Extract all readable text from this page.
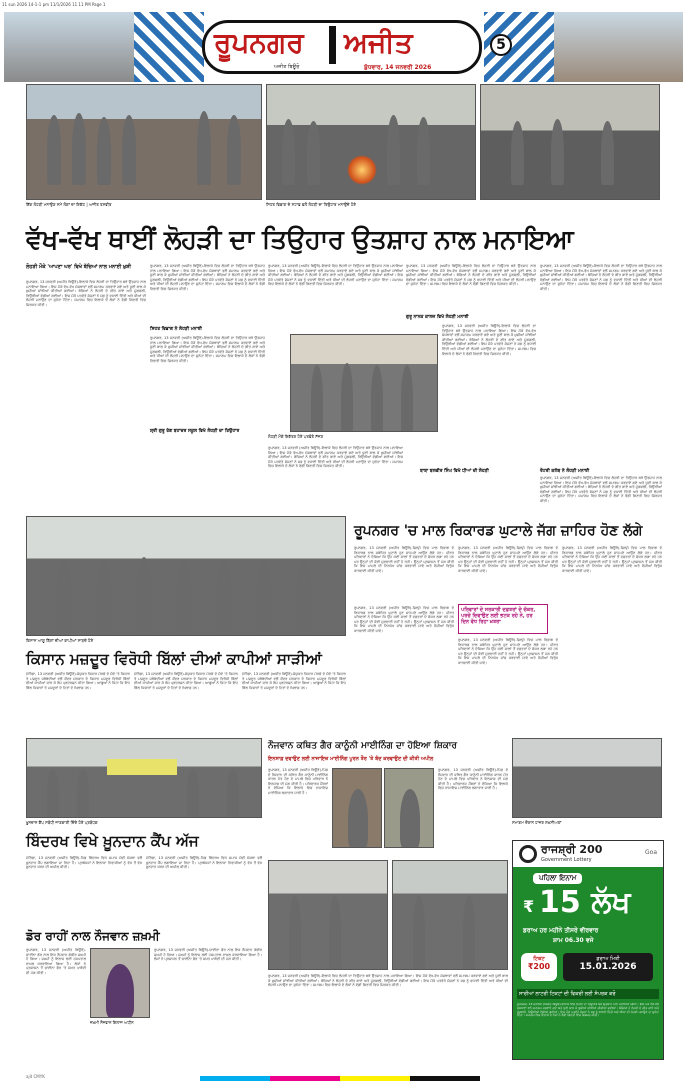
11 sun 2026 14-1-1 pm 11/1/2026 11 11 PM Page 1
ਰੂਪਨਗਰ ਅਜੀਤ
ਅਜੀਤ ਬਿਊਰੋ	ਬੁੱਧਵਾਰ, 14 ਜਨਵਰੀ 2026
5
ਇੱਕ ਲੋਹੜੀ ਮਨਾਉਣ ਸਮੇਂ ਲੋਕਾਂ ਦਾ ਇਕੱਠ | ਅਜੀਤ ਤਸਵੀਰ	ਸਿਹਤ ਵਿਭਾਗ ਦੇ ਸਟਾਫ਼ ਵਲੋਂ ਲੋਹੜੀ ਦਾ ਤਿਉਹਾਰ ਮਨਾਉਂਦੇ ਹੋਏ
ਵੱਖ-ਵੱਖ ਥਾਈਂ ਲੋਹੜੀ ਦਾ ਤਿਉਹਾਰ ਉਤਸ਼ਾਹ ਨਾਲ ਮਨਾਇਆ
ਲੋਹੜੀ ਮੌਕੇ 'ਆਪਣਾ ਘਰ' ਵਿਖੇ ਬੱਚਿਆਂ ਨਾਲ ਮਨਾਈ ਖ਼ੁਸ਼ੀ
ਰੂਪਨਗਰ, 13 ਜਨਵਰੀ (ਅਜੀਤ ਬਿਊਰੋ)-ਇਲਾਕੇ ਵਿਚ ਲੋਹੜੀ ਦਾ ਤਿਉਹਾਰ ਬੜੇ ਉਤਸ਼ਾਹ ਨਾਲ ਮਨਾਇਆ ਗਿਆ। ਇਸ ਮੌਕੇ ਵੱਖ-ਵੱਖ ਸੰਸਥਾਵਾਂ ਵਲੋਂ ਸਮਾਗਮ ਕਰਵਾਏ ਗਏ ਅਤੇ ਧੂਣੀ ਬਾਲ ਕੇ ਖ਼ੁਸ਼ੀਆਂ ਸਾਂਝੀਆਂ ਕੀਤੀਆਂ ਗਈਆਂ। ਬੱਚਿਆਂ ਨੇ ਲੋਹੜੀ ਦੇ ਗੀਤ ਗਾਏ ਅਤੇ ਮੂੰਗਫਲੀ, ਰਿਉੜੀਆਂ ਵੰਡੀਆਂ ਗਈਆਂ। ਇਸ ਮੌਕੇ ਪਤਵੰਤੇ ਸੱਜਣਾਂ ਨੇ ਸਭ ਨੂੰ ਵਧਾਈ ਦਿੱਤੀ ਅਤੇ ਧੀਆਂ ਦੀ ਲੋਹੜੀ ਮਨਾਉਣ ਦਾ ਸੁਨੇਹਾ ਦਿੱਤਾ। ਸਮਾਗਮ ਵਿਚ ਇਲਾਕੇ ਦੇ ਲੋਕਾਂ ਨੇ ਵੱਡੀ ਗਿਣਤੀ ਵਿਚ ਸ਼ਿਰਕਤ ਕੀਤੀ।
ਰੂਪਨਗਰ, 13 ਜਨਵਰੀ (ਅਜੀਤ ਬਿਊਰੋ)-ਇਲਾਕੇ ਵਿਚ ਲੋਹੜੀ ਦਾ ਤਿਉਹਾਰ ਬੜੇ ਉਤਸ਼ਾਹ ਨਾਲ ਮਨਾਇਆ ਗਿਆ। ਇਸ ਮੌਕੇ ਵੱਖ-ਵੱਖ ਸੰਸਥਾਵਾਂ ਵਲੋਂ ਸਮਾਗਮ ਕਰਵਾਏ ਗਏ ਅਤੇ ਧੂਣੀ ਬਾਲ ਕੇ ਖ਼ੁਸ਼ੀਆਂ ਸਾਂਝੀਆਂ ਕੀਤੀਆਂ ਗਈਆਂ। ਬੱਚਿਆਂ ਨੇ ਲੋਹੜੀ ਦੇ ਗੀਤ ਗਾਏ ਅਤੇ ਮੂੰਗਫਲੀ, ਰਿਉੜੀਆਂ ਵੰਡੀਆਂ ਗਈਆਂ। ਇਸ ਮੌਕੇ ਪਤਵੰਤੇ ਸੱਜਣਾਂ ਨੇ ਸਭ ਨੂੰ ਵਧਾਈ ਦਿੱਤੀ ਅਤੇ ਧੀਆਂ ਦੀ ਲੋਹੜੀ ਮਨਾਉਣ ਦਾ ਸੁਨੇਹਾ ਦਿੱਤਾ। ਸਮਾਗਮ ਵਿਚ ਇਲਾਕੇ ਦੇ ਲੋਕਾਂ ਨੇ ਵੱਡੀ ਗਿਣਤੀ ਵਿਚ ਸ਼ਿਰਕਤ ਕੀਤੀ।
ਸਿਹਤ ਵਿਭਾਗ ਨੇ ਲੋਹੜੀ ਮਨਾਈ
ਰੂਪਨਗਰ, 13 ਜਨਵਰੀ (ਅਜੀਤ ਬਿਊਰੋ)-ਇਲਾਕੇ ਵਿਚ ਲੋਹੜੀ ਦਾ ਤਿਉਹਾਰ ਬੜੇ ਉਤਸ਼ਾਹ ਨਾਲ ਮਨਾਇਆ ਗਿਆ। ਇਸ ਮੌਕੇ ਵੱਖ-ਵੱਖ ਸੰਸਥਾਵਾਂ ਵਲੋਂ ਸਮਾਗਮ ਕਰਵਾਏ ਗਏ ਅਤੇ ਧੂਣੀ ਬਾਲ ਕੇ ਖ਼ੁਸ਼ੀਆਂ ਸਾਂਝੀਆਂ ਕੀਤੀਆਂ ਗਈਆਂ। ਬੱਚਿਆਂ ਨੇ ਲੋਹੜੀ ਦੇ ਗੀਤ ਗਾਏ ਅਤੇ ਮੂੰਗਫਲੀ, ਰਿਉੜੀਆਂ ਵੰਡੀਆਂ ਗਈਆਂ। ਇਸ ਮੌਕੇ ਪਤਵੰਤੇ ਸੱਜਣਾਂ ਨੇ ਸਭ ਨੂੰ ਵਧਾਈ ਦਿੱਤੀ ਅਤੇ ਧੀਆਂ ਦੀ ਲੋਹੜੀ ਮਨਾਉਣ ਦਾ ਸੁਨੇਹਾ ਦਿੱਤਾ। ਸਮਾਗਮ ਵਿਚ ਇਲਾਕੇ ਦੇ ਲੋਕਾਂ ਨੇ ਵੱਡੀ ਗਿਣਤੀ ਵਿਚ ਸ਼ਿਰਕਤ ਕੀਤੀ।
ਸ਼੍ਰੀ ਗੁਰੂ ਤੇਗ ਬਹਾਦਰ ਸਕੂਲ ਵਿਖੇ ਲੋਹੜੀ ਦਾ ਤਿਉਹਾਰ
ਰੂਪਨਗਰ, 13 ਜਨਵਰੀ (ਅਜੀਤ ਬਿਊਰੋ)-ਇਲਾਕੇ ਵਿਚ ਲੋਹੜੀ ਦਾ ਤਿਉਹਾਰ ਬੜੇ ਉਤਸ਼ਾਹ ਨਾਲ ਮਨਾਇਆ ਗਿਆ। ਇਸ ਮੌਕੇ ਵੱਖ-ਵੱਖ ਸੰਸਥਾਵਾਂ ਵਲੋਂ ਸਮਾਗਮ ਕਰਵਾਏ ਗਏ ਅਤੇ ਧੂਣੀ ਬਾਲ ਕੇ ਖ਼ੁਸ਼ੀਆਂ ਸਾਂਝੀਆਂ ਕੀਤੀਆਂ ਗਈਆਂ। ਬੱਚਿਆਂ ਨੇ ਲੋਹੜੀ ਦੇ ਗੀਤ ਗਾਏ ਅਤੇ ਮੂੰਗਫਲੀ, ਰਿਉੜੀਆਂ ਵੰਡੀਆਂ ਗਈਆਂ। ਇਸ ਮੌਕੇ ਪਤਵੰਤੇ ਸੱਜਣਾਂ ਨੇ ਸਭ ਨੂੰ ਵਧਾਈ ਦਿੱਤੀ ਅਤੇ ਧੀਆਂ ਦੀ ਲੋਹੜੀ ਮਨਾਉਣ ਦਾ ਸੁਨੇਹਾ ਦਿੱਤਾ। ਸਮਾਗਮ ਵਿਚ ਇਲਾਕੇ ਦੇ ਲੋਕਾਂ ਨੇ ਵੱਡੀ ਗਿਣਤੀ ਵਿਚ ਸ਼ਿਰਕਤ ਕੀਤੀ।
ਲੋਹੜੀ ਮੌਕੇ ਇਕੱਤਰ ਹੋਏ ਪਤਵੰਤੇ ਸੱਜਣ
ਰੂਪਨਗਰ, 13 ਜਨਵਰੀ (ਅਜੀਤ ਬਿਊਰੋ)-ਇਲਾਕੇ ਵਿਚ ਲੋਹੜੀ ਦਾ ਤਿਉਹਾਰ ਬੜੇ ਉਤਸ਼ਾਹ ਨਾਲ ਮਨਾਇਆ ਗਿਆ। ਇਸ ਮੌਕੇ ਵੱਖ-ਵੱਖ ਸੰਸਥਾਵਾਂ ਵਲੋਂ ਸਮਾਗਮ ਕਰਵਾਏ ਗਏ ਅਤੇ ਧੂਣੀ ਬਾਲ ਕੇ ਖ਼ੁਸ਼ੀਆਂ ਸਾਂਝੀਆਂ ਕੀਤੀਆਂ ਗਈਆਂ। ਬੱਚਿਆਂ ਨੇ ਲੋਹੜੀ ਦੇ ਗੀਤ ਗਾਏ ਅਤੇ ਮੂੰਗਫਲੀ, ਰਿਉੜੀਆਂ ਵੰਡੀਆਂ ਗਈਆਂ। ਇਸ ਮੌਕੇ ਪਤਵੰਤੇ ਸੱਜਣਾਂ ਨੇ ਸਭ ਨੂੰ ਵਧਾਈ ਦਿੱਤੀ ਅਤੇ ਧੀਆਂ ਦੀ ਲੋਹੜੀ ਮਨਾਉਣ ਦਾ ਸੁਨੇਹਾ ਦਿੱਤਾ। ਸਮਾਗਮ ਵਿਚ ਇਲਾਕੇ ਦੇ ਲੋਕਾਂ ਨੇ ਵੱਡੀ ਗਿਣਤੀ ਵਿਚ ਸ਼ਿਰਕਤ ਕੀਤੀ।
ਗੁਰੂ ਨਾਨਕ ਕਾਲਜ ਵਿਖੇ ਲੋਹੜੀ ਮਨਾਈ
ਰੂਪਨਗਰ, 13 ਜਨਵਰੀ (ਅਜੀਤ ਬਿਊਰੋ)-ਇਲਾਕੇ ਵਿਚ ਲੋਹੜੀ ਦਾ ਤਿਉਹਾਰ ਬੜੇ ਉਤਸ਼ਾਹ ਨਾਲ ਮਨਾਇਆ ਗਿਆ। ਇਸ ਮੌਕੇ ਵੱਖ-ਵੱਖ ਸੰਸਥਾਵਾਂ ਵਲੋਂ ਸਮਾਗਮ ਕਰਵਾਏ ਗਏ ਅਤੇ ਧੂਣੀ ਬਾਲ ਕੇ ਖ਼ੁਸ਼ੀਆਂ ਸਾਂਝੀਆਂ ਕੀਤੀਆਂ ਗਈਆਂ। ਬੱਚਿਆਂ ਨੇ ਲੋਹੜੀ ਦੇ ਗੀਤ ਗਾਏ ਅਤੇ ਮੂੰਗਫਲੀ, ਰਿਉੜੀਆਂ ਵੰਡੀਆਂ ਗਈਆਂ। ਇਸ ਮੌਕੇ ਪਤਵੰਤੇ ਸੱਜਣਾਂ ਨੇ ਸਭ ਨੂੰ ਵਧਾਈ ਦਿੱਤੀ ਅਤੇ ਧੀਆਂ ਦੀ ਲੋਹੜੀ ਮਨਾਉਣ ਦਾ ਸੁਨੇਹਾ ਦਿੱਤਾ। ਸਮਾਗਮ ਵਿਚ ਇਲਾਕੇ ਦੇ ਲੋਕਾਂ ਨੇ ਵੱਡੀ ਗਿਣਤੀ ਵਿਚ ਸ਼ਿਰਕਤ ਕੀਤੀ।
ਰੂਪਨਗਰ, 13 ਜਨਵਰੀ (ਅਜੀਤ ਬਿਊਰੋ)-ਇਲਾਕੇ ਵਿਚ ਲੋਹੜੀ ਦਾ ਤਿਉਹਾਰ ਬੜੇ ਉਤਸ਼ਾਹ ਨਾਲ ਮਨਾਇਆ ਗਿਆ। ਇਸ ਮੌਕੇ ਵੱਖ-ਵੱਖ ਸੰਸਥਾਵਾਂ ਵਲੋਂ ਸਮਾਗਮ ਕਰਵਾਏ ਗਏ ਅਤੇ ਧੂਣੀ ਬਾਲ ਕੇ ਖ਼ੁਸ਼ੀਆਂ ਸਾਂਝੀਆਂ ਕੀਤੀਆਂ ਗਈਆਂ। ਬੱਚਿਆਂ ਨੇ ਲੋਹੜੀ ਦੇ ਗੀਤ ਗਾਏ ਅਤੇ ਮੂੰਗਫਲੀ, ਰਿਉੜੀਆਂ ਵੰਡੀਆਂ ਗਈਆਂ। ਇਸ ਮੌਕੇ ਪਤਵੰਤੇ ਸੱਜਣਾਂ ਨੇ ਸਭ ਨੂੰ ਵਧਾਈ ਦਿੱਤੀ ਅਤੇ ਧੀਆਂ ਦੀ ਲੋਹੜੀ ਮਨਾਉਣ ਦਾ ਸੁਨੇਹਾ ਦਿੱਤਾ। ਸਮਾਗਮ ਵਿਚ ਇਲਾਕੇ ਦੇ ਲੋਕਾਂ ਨੇ ਵੱਡੀ ਗਿਣਤੀ ਵਿਚ ਸ਼ਿਰਕਤ ਕੀਤੀ।
ਬਾਬਾ ਬਲਵੀਰ ਸਿੰਘ ਵਿਖੇ ਧੀਆਂ ਦੀ ਲੋਹੜੀ
ਰੂਪਨਗਰ, 13 ਜਨਵਰੀ (ਅਜੀਤ ਬਿਊਰੋ)-ਇਲਾਕੇ ਵਿਚ ਲੋਹੜੀ ਦਾ ਤਿਉਹਾਰ ਬੜੇ ਉਤਸ਼ਾਹ ਨਾਲ ਮਨਾਇਆ ਗਿਆ। ਇਸ ਮੌਕੇ ਵੱਖ-ਵੱਖ ਸੰਸਥਾਵਾਂ ਵਲੋਂ ਸਮਾਗਮ ਕਰਵਾਏ ਗਏ ਅਤੇ ਧੂਣੀ ਬਾਲ ਕੇ ਖ਼ੁਸ਼ੀਆਂ ਸਾਂਝੀਆਂ ਕੀਤੀਆਂ ਗਈਆਂ। ਬੱਚਿਆਂ ਨੇ ਲੋਹੜੀ ਦੇ ਗੀਤ ਗਾਏ ਅਤੇ ਮੂੰਗਫਲੀ, ਰਿਉੜੀਆਂ ਵੰਡੀਆਂ ਗਈਆਂ। ਇਸ ਮੌਕੇ ਪਤਵੰਤੇ ਸੱਜਣਾਂ ਨੇ ਸਭ ਨੂੰ ਵਧਾਈ ਦਿੱਤੀ ਅਤੇ ਧੀਆਂ ਦੀ ਲੋਹੜੀ ਮਨਾਉਣ ਦਾ ਸੁਨੇਹਾ ਦਿੱਤਾ। ਸਮਾਗਮ ਵਿਚ ਇਲਾਕੇ ਦੇ ਲੋਕਾਂ ਨੇ ਵੱਡੀ ਗਿਣਤੀ ਵਿਚ ਸ਼ਿਰਕਤ ਕੀਤੀ।
ਰੋਟਰੀ ਕਲੱਬ ਨੇ ਲੋਹੜੀ ਮਨਾਈ
ਰੂਪਨਗਰ, 13 ਜਨਵਰੀ (ਅਜੀਤ ਬਿਊਰੋ)-ਇਲਾਕੇ ਵਿਚ ਲੋਹੜੀ ਦਾ ਤਿਉਹਾਰ ਬੜੇ ਉਤਸ਼ਾਹ ਨਾਲ ਮਨਾਇਆ ਗਿਆ। ਇਸ ਮੌਕੇ ਵੱਖ-ਵੱਖ ਸੰਸਥਾਵਾਂ ਵਲੋਂ ਸਮਾਗਮ ਕਰਵਾਏ ਗਏ ਅਤੇ ਧੂਣੀ ਬਾਲ ਕੇ ਖ਼ੁਸ਼ੀਆਂ ਸਾਂਝੀਆਂ ਕੀਤੀਆਂ ਗਈਆਂ। ਬੱਚਿਆਂ ਨੇ ਲੋਹੜੀ ਦੇ ਗੀਤ ਗਾਏ ਅਤੇ ਮੂੰਗਫਲੀ, ਰਿਉੜੀਆਂ ਵੰਡੀਆਂ ਗਈਆਂ। ਇਸ ਮੌਕੇ ਪਤਵੰਤੇ ਸੱਜਣਾਂ ਨੇ ਸਭ ਨੂੰ ਵਧਾਈ ਦਿੱਤੀ ਅਤੇ ਧੀਆਂ ਦੀ ਲੋਹੜੀ ਮਨਾਉਣ ਦਾ ਸੁਨੇਹਾ ਦਿੱਤਾ। ਸਮਾਗਮ ਵਿਚ ਇਲਾਕੇ ਦੇ ਲੋਕਾਂ ਨੇ ਵੱਡੀ ਗਿਣਤੀ ਵਿਚ ਸ਼ਿਰਕਤ ਕੀਤੀ।
ਕਿਸਾਨ ਆਗੂ ਬਿੱਲਾਂ ਦੀਆਂ ਕਾਪੀਆਂ ਸਾੜਦੇ ਹੋਏ
ਰੂਪਨਗਰ 'ਚ ਮਾਲ ਰਿਕਾਰਡ ਘੁਟਾਲੇ ਜੱਗ ਜ਼ਾਹਿਰ ਹੋਣ ਲੱਗੇ
ਰੂਪਨਗਰ, 13 ਜਨਵਰੀ (ਅਜੀਤ ਬਿਊਰੋ)-ਜ਼ਿਲ੍ਹੇ ਵਿਚ ਮਾਲ ਵਿਭਾਗ ਦੇ ਰਿਕਾਰਡ ਨਾਲ ਸਬੰਧਿਤ ਘੁਟਾਲੇ ਹੁਣ ਸਾਹਮਣੇ ਆਉਣ ਲੱਗੇ ਹਨ। ਪੀੜਤ ਪਰਿਵਾਰਾਂ ਨੇ ਦੱਸਿਆ ਕਿ ਉਹ ਕਈ ਸਾਲਾਂ ਤੋਂ ਦਫ਼ਤਰਾਂ ਦੇ ਚੱਕਰ ਲਗਾ ਰਹੇ ਹਨ ਪਰ ਉਨ੍ਹਾਂ ਦੀ ਕੋਈ ਸੁਣਵਾਈ ਨਹੀਂ ਹੋ ਰਹੀ। ਉਨ੍ਹਾਂ ਪ੍ਰਸ਼ਾਸਨ ਤੋਂ ਮੰਗ ਕੀਤੀ ਕਿ ਇਸ ਮਾਮਲੇ ਦੀ ਨਿਰਪੱਖ ਜਾਂਚ ਕਰਵਾਈ ਜਾਵੇ ਅਤੇ ਦੋਸ਼ੀਆਂ ਵਿਰੁੱਧ ਕਾਰਵਾਈ ਕੀਤੀ ਜਾਵੇ।
ਪਰਿਵਾਰਾਂ ਦੇ ਸਰਕਾਰੀ ਦਫ਼ਤਰਾਂ ਦੇ ਚੱਕਰ,
ਪਰਚੇ ਦਿਵਾਉਣ ਲਈ ਭਟਕ ਰਹੇ ਨੇ, ਹਰ
ਦਿਨ ਵੱਧ ਰਿਹਾ ਖ਼ਤਰਾ
ਰੂਪਨਗਰ, 13 ਜਨਵਰੀ (ਅਜੀਤ ਬਿਊਰੋ)-ਜ਼ਿਲ੍ਹੇ ਵਿਚ ਮਾਲ ਵਿਭਾਗ ਦੇ ਰਿਕਾਰਡ ਨਾਲ ਸਬੰਧਿਤ ਘੁਟਾਲੇ ਹੁਣ ਸਾਹਮਣੇ ਆਉਣ ਲੱਗੇ ਹਨ। ਪੀੜਤ ਪਰਿਵਾਰਾਂ ਨੇ ਦੱਸਿਆ ਕਿ ਉਹ ਕਈ ਸਾਲਾਂ ਤੋਂ ਦਫ਼ਤਰਾਂ ਦੇ ਚੱਕਰ ਲਗਾ ਰਹੇ ਹਨ ਪਰ ਉਨ੍ਹਾਂ ਦੀ ਕੋਈ ਸੁਣਵਾਈ ਨਹੀਂ ਹੋ ਰਹੀ। ਉਨ੍ਹਾਂ ਪ੍ਰਸ਼ਾਸਨ ਤੋਂ ਮੰਗ ਕੀਤੀ ਕਿ ਇਸ ਮਾਮਲੇ ਦੀ ਨਿਰਪੱਖ ਜਾਂਚ ਕਰਵਾਈ ਜਾਵੇ ਅਤੇ ਦੋਸ਼ੀਆਂ ਵਿਰੁੱਧ ਕਾਰਵਾਈ ਕੀਤੀ ਜਾਵੇ।
ਰੂਪਨਗਰ, 13 ਜਨਵਰੀ (ਅਜੀਤ ਬਿਊਰੋ)-ਜ਼ਿਲ੍ਹੇ ਵਿਚ ਮਾਲ ਵਿਭਾਗ ਦੇ ਰਿਕਾਰਡ ਨਾਲ ਸਬੰਧਿਤ ਘੁਟਾਲੇ ਹੁਣ ਸਾਹਮਣੇ ਆਉਣ ਲੱਗੇ ਹਨ। ਪੀੜਤ ਪਰਿਵਾਰਾਂ ਨੇ ਦੱਸਿਆ ਕਿ ਉਹ ਕਈ ਸਾਲਾਂ ਤੋਂ ਦਫ਼ਤਰਾਂ ਦੇ ਚੱਕਰ ਲਗਾ ਰਹੇ ਹਨ ਪਰ ਉਨ੍ਹਾਂ ਦੀ ਕੋਈ ਸੁਣਵਾਈ ਨਹੀਂ ਹੋ ਰਹੀ। ਉਨ੍ਹਾਂ ਪ੍ਰਸ਼ਾਸਨ ਤੋਂ ਮੰਗ ਕੀਤੀ ਕਿ ਇਸ ਮਾਮਲੇ ਦੀ ਨਿਰਪੱਖ ਜਾਂਚ ਕਰਵਾਈ ਜਾਵੇ ਅਤੇ ਦੋਸ਼ੀਆਂ ਵਿਰੁੱਧ ਕਾਰਵਾਈ ਕੀਤੀ ਜਾਵੇ।
ਰੂਪਨਗਰ, 13 ਜਨਵਰੀ (ਅਜੀਤ ਬਿਊਰੋ)-ਜ਼ਿਲ੍ਹੇ ਵਿਚ ਮਾਲ ਵਿਭਾਗ ਦੇ ਰਿਕਾਰਡ ਨਾਲ ਸਬੰਧਿਤ ਘੁਟਾਲੇ ਹੁਣ ਸਾਹਮਣੇ ਆਉਣ ਲੱਗੇ ਹਨ। ਪੀੜਤ ਪਰਿਵਾਰਾਂ ਨੇ ਦੱਸਿਆ ਕਿ ਉਹ ਕਈ ਸਾਲਾਂ ਤੋਂ ਦਫ਼ਤਰਾਂ ਦੇ ਚੱਕਰ ਲਗਾ ਰਹੇ ਹਨ ਪਰ ਉਨ੍ਹਾਂ ਦੀ ਕੋਈ ਸੁਣਵਾਈ ਨਹੀਂ ਹੋ ਰਹੀ। ਉਨ੍ਹਾਂ ਪ੍ਰਸ਼ਾਸਨ ਤੋਂ ਮੰਗ ਕੀਤੀ ਕਿ ਇਸ ਮਾਮਲੇ ਦੀ ਨਿਰਪੱਖ ਜਾਂਚ ਕਰਵਾਈ ਜਾਵੇ ਅਤੇ ਦੋਸ਼ੀਆਂ ਵਿਰੁੱਧ ਕਾਰਵਾਈ ਕੀਤੀ ਜਾਵੇ।
ਰੂਪਨਗਰ, 13 ਜਨਵਰੀ (ਅਜੀਤ ਬਿਊਰੋ)-ਜ਼ਿਲ੍ਹੇ ਵਿਚ ਮਾਲ ਵਿਭਾਗ ਦੇ ਰਿਕਾਰਡ ਨਾਲ ਸਬੰਧਿਤ ਘੁਟਾਲੇ ਹੁਣ ਸਾਹਮਣੇ ਆਉਣ ਲੱਗੇ ਹਨ। ਪੀੜਤ ਪਰਿਵਾਰਾਂ ਨੇ ਦੱਸਿਆ ਕਿ ਉਹ ਕਈ ਸਾਲਾਂ ਤੋਂ ਦਫ਼ਤਰਾਂ ਦੇ ਚੱਕਰ ਲਗਾ ਰਹੇ ਹਨ ਪਰ ਉਨ੍ਹਾਂ ਦੀ ਕੋਈ ਸੁਣਵਾਈ ਨਹੀਂ ਹੋ ਰਹੀ। ਉਨ੍ਹਾਂ ਪ੍ਰਸ਼ਾਸਨ ਤੋਂ ਮੰਗ ਕੀਤੀ ਕਿ ਇਸ ਮਾਮਲੇ ਦੀ ਨਿਰਪੱਖ ਜਾਂਚ ਕਰਵਾਈ ਜਾਵੇ ਅਤੇ ਦੋਸ਼ੀਆਂ ਵਿਰੁੱਧ ਕਾਰਵਾਈ ਕੀਤੀ ਜਾਵੇ।
ਕਿਸਾਨ ਮਜ਼ਦੂਰ ਵਿਰੋਧੀ ਬਿੱਲਾਂ ਦੀਆਂ ਕਾਪੀਆਂ ਸਾੜੀਆਂ
ਮੋਰਿੰਡਾ, 13 ਜਨਵਰੀ (ਅਜੀਤ ਬਿਊਰੋ)-ਸੰਯੁਕਤ ਕਿਸਾਨ ਮੋਰਚੇ ਦੇ ਸੱਦੇ 'ਤੇ ਕਿਸਾਨ ਤੇ ਮਜ਼ਦੂਰ ਜਥੇਬੰਦੀਆਂ ਵਲੋਂ ਕੇਂਦਰ ਸਰਕਾਰ ਦੇ ਕਿਸਾਨ ਮਜ਼ਦੂਰ ਵਿਰੋਧੀ ਬਿੱਲਾਂ ਦੀਆਂ ਕਾਪੀਆਂ ਸਾੜ ਕੇ ਰੋਸ ਪ੍ਰਦਰਸ਼ਨ ਕੀਤਾ ਗਿਆ। ਆਗੂਆਂ ਨੇ ਕਿਹਾ ਕਿ ਇਹ ਬਿੱਲ ਕਿਸਾਨਾਂ ਤੇ ਮਜ਼ਦੂਰਾਂ ਦੇ ਹਿਤਾਂ ਦੇ ਖ਼ਿਲਾਫ਼ ਹਨ।
ਮੋਰਿੰਡਾ, 13 ਜਨਵਰੀ (ਅਜੀਤ ਬਿਊਰੋ)-ਸੰਯੁਕਤ ਕਿਸਾਨ ਮੋਰਚੇ ਦੇ ਸੱਦੇ 'ਤੇ ਕਿਸਾਨ ਤੇ ਮਜ਼ਦੂਰ ਜਥੇਬੰਦੀਆਂ ਵਲੋਂ ਕੇਂਦਰ ਸਰਕਾਰ ਦੇ ਕਿਸਾਨ ਮਜ਼ਦੂਰ ਵਿਰੋਧੀ ਬਿੱਲਾਂ ਦੀਆਂ ਕਾਪੀਆਂ ਸਾੜ ਕੇ ਰੋਸ ਪ੍ਰਦਰਸ਼ਨ ਕੀਤਾ ਗਿਆ। ਆਗੂਆਂ ਨੇ ਕਿਹਾ ਕਿ ਇਹ ਬਿੱਲ ਕਿਸਾਨਾਂ ਤੇ ਮਜ਼ਦੂਰਾਂ ਦੇ ਹਿਤਾਂ ਦੇ ਖ਼ਿਲਾਫ਼ ਹਨ।
ਮੋਰਿੰਡਾ, 13 ਜਨਵਰੀ (ਅਜੀਤ ਬਿਊਰੋ)-ਸੰਯੁਕਤ ਕਿਸਾਨ ਮੋਰਚੇ ਦੇ ਸੱਦੇ 'ਤੇ ਕਿਸਾਨ ਤੇ ਮਜ਼ਦੂਰ ਜਥੇਬੰਦੀਆਂ ਵਲੋਂ ਕੇਂਦਰ ਸਰਕਾਰ ਦੇ ਕਿਸਾਨ ਮਜ਼ਦੂਰ ਵਿਰੋਧੀ ਬਿੱਲਾਂ ਦੀਆਂ ਕਾਪੀਆਂ ਸਾੜ ਕੇ ਰੋਸ ਪ੍ਰਦਰਸ਼ਨ ਕੀਤਾ ਗਿਆ। ਆਗੂਆਂ ਨੇ ਕਿਹਾ ਕਿ ਇਹ ਬਿੱਲ ਕਿਸਾਨਾਂ ਤੇ ਮਜ਼ਦੂਰਾਂ ਦੇ ਹਿਤਾਂ ਦੇ ਖ਼ਿਲਾਫ਼ ਹਨ।
ਖ਼ੂਨਦਾਨ ਕੈਂਪ ਸਬੰਧੀ ਜਾਣਕਾਰੀ ਦਿੰਦੇ ਹੋਏ ਪ੍ਰਬੰਧਕ
ਨੌਜਵਾਨ ਕਥਿਤ ਗੈਰ ਕਾਨੂੰਨੀ ਮਾਈਨਿੰਗ ਦਾ ਹੋਇਆ ਸ਼ਿਕਾਰ
ਇਨਸਾਫ਼ ਦਵਾਉਣ ਲਈ ਨਾਜਾਇਜ਼ ਮਾਈਨਿੰਗ ਪੂਰਨ ਤੌਰ 'ਤੇ ਬੰਦ ਕਰਵਾਉਣ ਦੀ ਕੀਤੀ ਅਪੀਲ
ਰੂਪਨਗਰ, 13 ਜਨਵਰੀ (ਅਜੀਤ ਬਿਊਰੋ)-ਪਿੰਡ ਦੇ ਨੌਜਵਾਨ ਦੀ ਕਥਿਤ ਗੈਰ ਕਾਨੂੰਨੀ ਮਾਈਨਿੰਗ ਕਾਰਨ ਮੌਤ ਹੋਣ ਦੇ ਮਾਮਲੇ ਵਿਚ ਪਰਿਵਾਰ ਨੇ ਇਨਸਾਫ਼ ਦੀ ਮੰਗ ਕੀਤੀ ਹੈ। ਪਰਿਵਾਰਕ ਮੈਂਬਰਾਂ ਨੇ ਦੱਸਿਆ ਕਿ ਇਲਾਕੇ ਵਿਚ ਨਾਜਾਇਜ਼ ਮਾਈਨਿੰਗ ਲਗਾਤਾਰ ਜਾਰੀ ਹੈ।
ਰੂਪਨਗਰ, 13 ਜਨਵਰੀ (ਅਜੀਤ ਬਿਊਰੋ)-ਪਿੰਡ ਦੇ ਨੌਜਵਾਨ ਦੀ ਕਥਿਤ ਗੈਰ ਕਾਨੂੰਨੀ ਮਾਈਨਿੰਗ ਕਾਰਨ ਮੌਤ ਹੋਣ ਦੇ ਮਾਮਲੇ ਵਿਚ ਪਰਿਵਾਰ ਨੇ ਇਨਸਾਫ਼ ਦੀ ਮੰਗ ਕੀਤੀ ਹੈ। ਪਰਿਵਾਰਕ ਮੈਂਬਰਾਂ ਨੇ ਦੱਸਿਆ ਕਿ ਇਲਾਕੇ ਵਿਚ ਨਾਜਾਇਜ਼ ਮਾਈਨਿੰਗ ਲਗਾਤਾਰ ਜਾਰੀ ਹੈ।
ਸਮਾਗਮ ਦੌਰਾਨ ਹਾਜ਼ਰ ਸ਼ਖ਼ਸੀਅਤਾਂ
ਬਿੰਦਰਖ ਵਿਖੇ ਖ਼ੂਨਦਾਨ ਕੈਂਪ ਅੱਜ
ਮੋਰਿੰਡਾ, 13 ਜਨਵਰੀ (ਅਜੀਤ ਬਿਊਰੋ)-ਪਿੰਡ ਬਿੰਦਰਖ ਵਿਖੇ ਸਮਾਜ ਸੇਵੀ ਸੰਸਥਾ ਵਲੋਂ ਖ਼ੂਨਦਾਨ ਕੈਂਪ ਲਗਾਇਆ ਜਾ ਰਿਹਾ ਹੈ। ਪ੍ਰਬੰਧਕਾਂ ਨੇ ਇਲਾਕਾ ਨਿਵਾਸੀਆਂ ਨੂੰ ਵੱਧ ਤੋਂ ਵੱਧ ਖ਼ੂਨਦਾਨ ਕਰਨ ਦੀ ਅਪੀਲ ਕੀਤੀ।
ਮੋਰਿੰਡਾ, 13 ਜਨਵਰੀ (ਅਜੀਤ ਬਿਊਰੋ)-ਪਿੰਡ ਬਿੰਦਰਖ ਵਿਖੇ ਸਮਾਜ ਸੇਵੀ ਸੰਸਥਾ ਵਲੋਂ ਖ਼ੂਨਦਾਨ ਕੈਂਪ ਲਗਾਇਆ ਜਾ ਰਿਹਾ ਹੈ। ਪ੍ਰਬੰਧਕਾਂ ਨੇ ਇਲਾਕਾ ਨਿਵਾਸੀਆਂ ਨੂੰ ਵੱਧ ਤੋਂ ਵੱਧ ਖ਼ੂਨਦਾਨ ਕਰਨ ਦੀ ਅਪੀਲ ਕੀਤੀ।
ਡੋਰ ਰਾਹੀਂ ਨਾਲ ਨੌਜਵਾਨ ਜ਼ਖ਼ਮੀ
ਰੂਪਨਗਰ, 13 ਜਨਵਰੀ (ਅਜੀਤ ਬਿਊਰੋ)-ਚਾਈਨਾ ਡੋਰ ਨਾਲ ਇਕ ਨੌਜਵਾਨ ਗੰਭੀਰ ਜ਼ਖ਼ਮੀ ਹੋ ਗਿਆ। ਜ਼ਖ਼ਮੀ ਨੂੰ ਇਲਾਜ ਲਈ ਹਸਪਤਾਲ ਦਾਖ਼ਲ ਕਰਵਾਇਆ ਗਿਆ ਹੈ। ਲੋਕਾਂ ਨੇ ਪ੍ਰਸ਼ਾਸਨ ਤੋਂ ਚਾਈਨਾ ਡੋਰ 'ਤੇ ਸਖ਼ਤ ਪਾਬੰਦੀ ਦੀ ਮੰਗ ਕੀਤੀ।
ਜ਼ਖ਼ਮੀ ਨੌਜਵਾਨ ਇਲਾਜ ਅਧੀਨ
ਰੂਪਨਗਰ, 13 ਜਨਵਰੀ (ਅਜੀਤ ਬਿਊਰੋ)-ਚਾਈਨਾ ਡੋਰ ਨਾਲ ਇਕ ਨੌਜਵਾਨ ਗੰਭੀਰ ਜ਼ਖ਼ਮੀ ਹੋ ਗਿਆ। ਜ਼ਖ਼ਮੀ ਨੂੰ ਇਲਾਜ ਲਈ ਹਸਪਤਾਲ ਦਾਖ਼ਲ ਕਰਵਾਇਆ ਗਿਆ ਹੈ। ਲੋਕਾਂ ਨੇ ਪ੍ਰਸ਼ਾਸਨ ਤੋਂ ਚਾਈਨਾ ਡੋਰ 'ਤੇ ਸਖ਼ਤ ਪਾਬੰਦੀ ਦੀ ਮੰਗ ਕੀਤੀ।
ਰੂਪਨਗਰ, 13 ਜਨਵਰੀ (ਅਜੀਤ ਬਿਊਰੋ)-ਇਲਾਕੇ ਵਿਚ ਲੋਹੜੀ ਦਾ ਤਿਉਹਾਰ ਬੜੇ ਉਤਸ਼ਾਹ ਨਾਲ ਮਨਾਇਆ ਗਿਆ। ਇਸ ਮੌਕੇ ਵੱਖ-ਵੱਖ ਸੰਸਥਾਵਾਂ ਵਲੋਂ ਸਮਾਗਮ ਕਰਵਾਏ ਗਏ ਅਤੇ ਧੂਣੀ ਬਾਲ ਕੇ ਖ਼ੁਸ਼ੀਆਂ ਸਾਂਝੀਆਂ ਕੀਤੀਆਂ ਗਈਆਂ। ਬੱਚਿਆਂ ਨੇ ਲੋਹੜੀ ਦੇ ਗੀਤ ਗਾਏ ਅਤੇ ਮੂੰਗਫਲੀ, ਰਿਉੜੀਆਂ ਵੰਡੀਆਂ ਗਈਆਂ। ਇਸ ਮੌਕੇ ਪਤਵੰਤੇ ਸੱਜਣਾਂ ਨੇ ਸਭ ਨੂੰ ਵਧਾਈ ਦਿੱਤੀ ਅਤੇ ਧੀਆਂ ਦੀ ਲੋਹੜੀ ਮਨਾਉਣ ਦਾ ਸੁਨੇਹਾ ਦਿੱਤਾ। ਸਮਾਗਮ ਵਿਚ ਇਲਾਕੇ ਦੇ ਲੋਕਾਂ ਨੇ ਵੱਡੀ ਗਿਣਤੀ ਵਿਚ ਸ਼ਿਰਕਤ ਕੀਤੀ।
ਰਾਜਸ਼੍ਰੀ 200
Government Lottery
Goa
ਪਹਿਲਾ ਇਨਾਮ
₹ 15 ਲੱਖ
ਡਰਾਅ ਹਰ ਮਹੀਨੇ ਤੀਸਰੇ ਵੀਰਵਾਰ
ਸ਼ਾਮ 06.30 ਵਜੇ
ਟਿਕਟ
₹200
ਡਰਾਅ ਮਿਤੀ
15.01.2026
ਸਾਰੀਆਂ ਲਾਟਰੀ ਟਿਕਟਾਂ ਦੀ ਵਿਕਰੀ ਲਈ ਸੰਪਰਕ ਕਰੋ
ਰੂਪਨਗਰ, 13 ਜਨਵਰੀ (ਅਜੀਤ ਬਿਊਰੋ)-ਇਲਾਕੇ ਵਿਚ ਲੋਹੜੀ ਦਾ ਤਿਉਹਾਰ ਬੜੇ ਉਤਸ਼ਾਹ ਨਾਲ ਮਨਾਇਆ ਗਿਆ। ਇਸ ਮੌਕੇ ਵੱਖ-ਵੱਖ ਸੰਸਥਾਵਾਂ ਵਲੋਂ ਸਮਾਗਮ ਕਰਵਾਏ ਗਏ ਅਤੇ ਧੂਣੀ ਬਾਲ ਕੇ ਖ਼ੁਸ਼ੀਆਂ ਸਾਂਝੀਆਂ ਕੀਤੀਆਂ ਗਈਆਂ। ਬੱਚਿਆਂ ਨੇ ਲੋਹੜੀ ਦੇ ਗੀਤ ਗਾਏ ਅਤੇ ਮੂੰਗਫਲੀ, ਰਿਉੜੀਆਂ ਵੰਡੀਆਂ ਗਈਆਂ। ਇਸ ਮੌਕੇ ਪਤਵੰਤੇ ਸੱਜਣਾਂ ਨੇ ਸਭ ਨੂੰ ਵਧਾਈ ਦਿੱਤੀ ਅਤੇ ਧੀਆਂ ਦੀ ਲੋਹੜੀ ਮਨਾਉਣ ਦਾ ਸੁਨੇਹਾ ਦਿੱਤਾ। ਸਮਾਗਮ ਵਿਚ ਇਲਾਕੇ ਦੇ ਲੋਕਾਂ ਨੇ ਵੱਡੀ ਗਿਣਤੀ ਵਿਚ ਸ਼ਿਰਕਤ ਕੀਤੀ।
ajit CMYK
